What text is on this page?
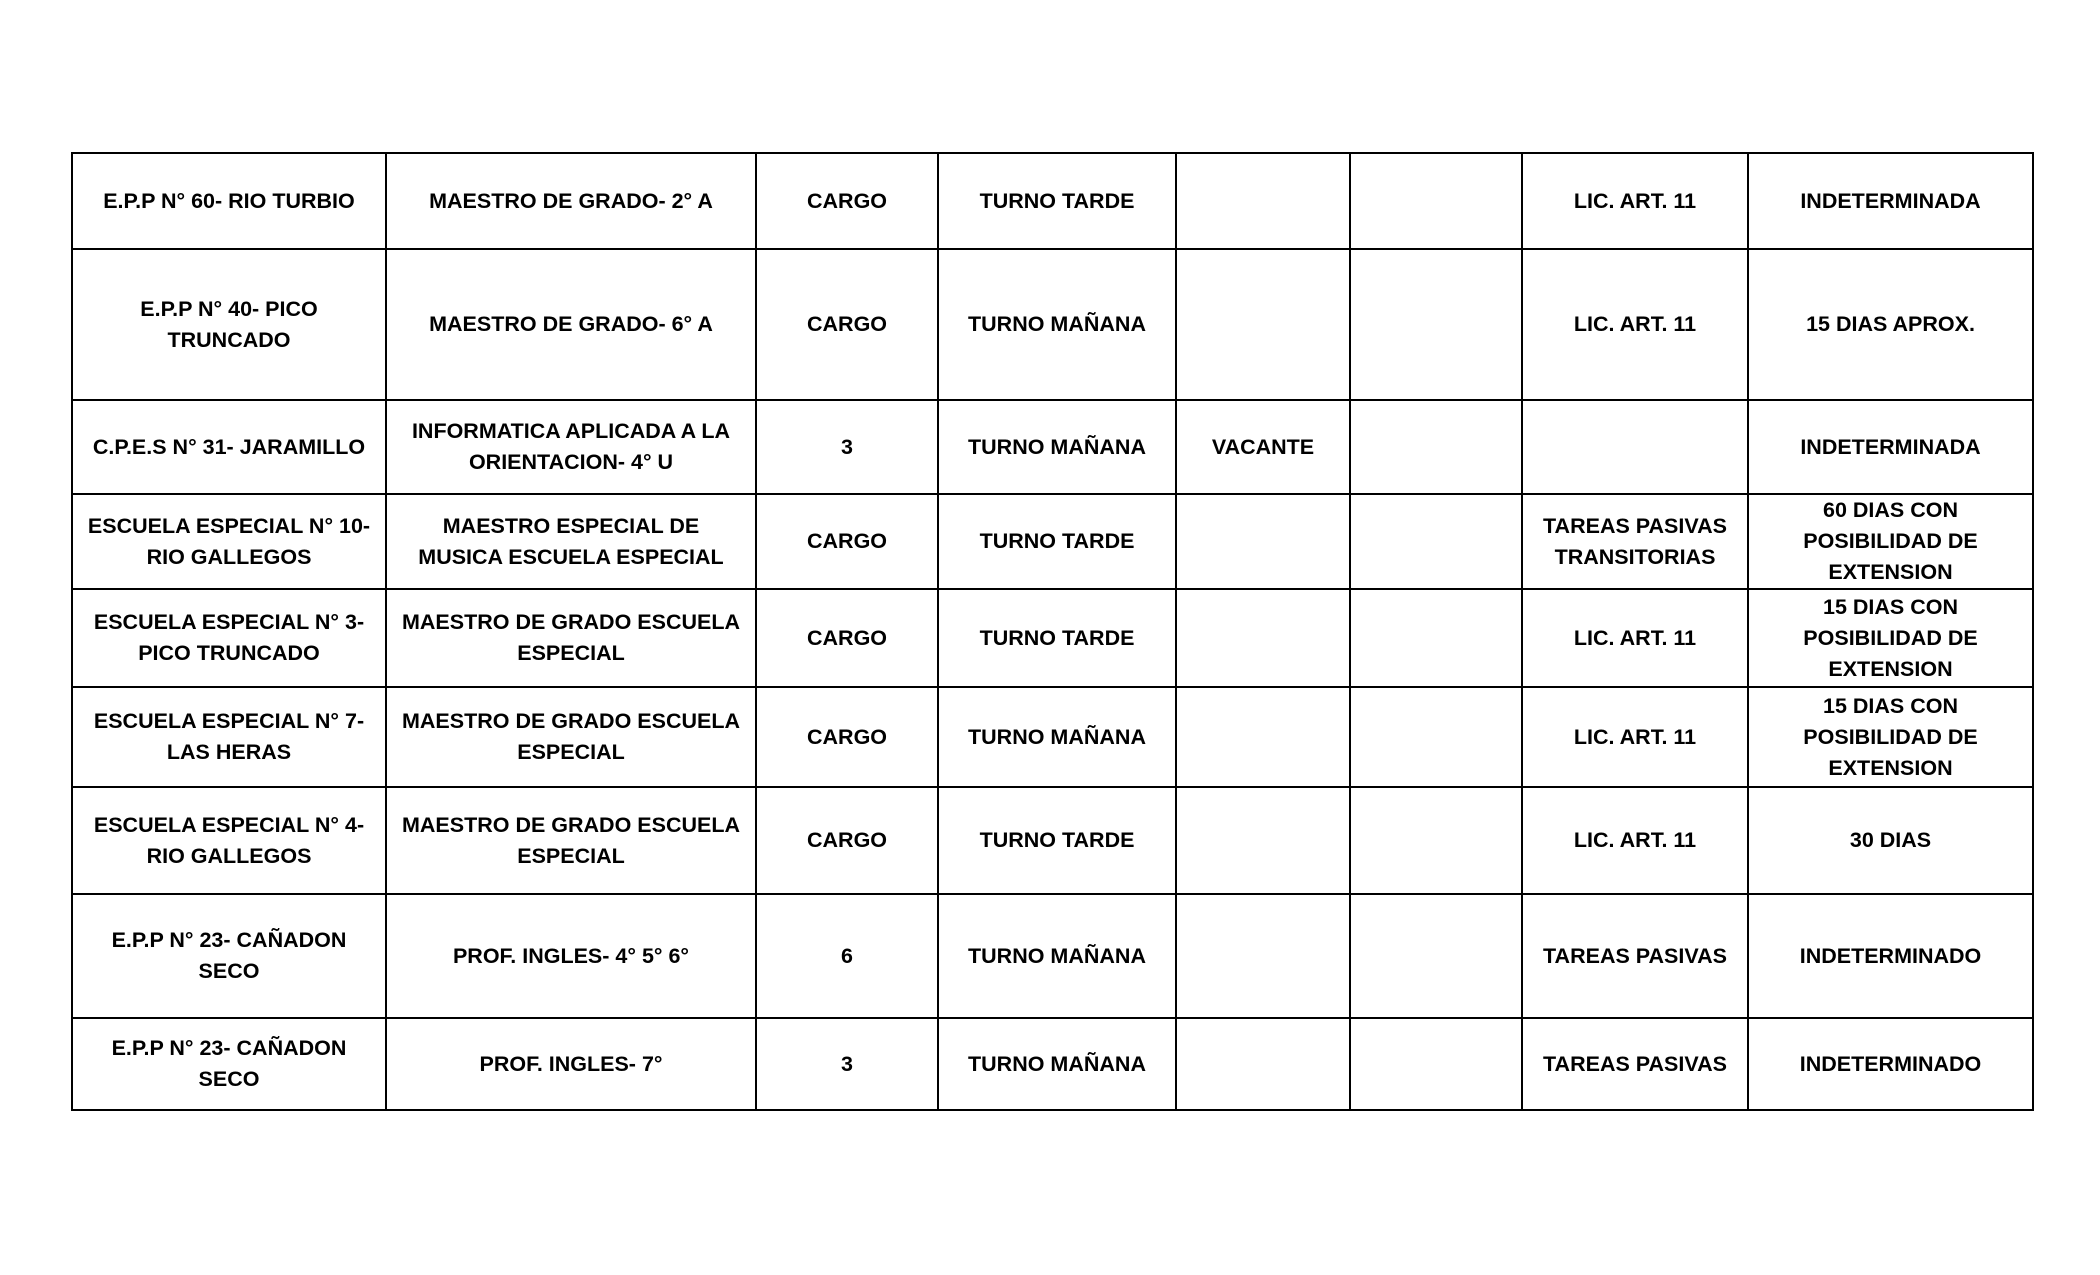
E.P.P N° 60- RIO TURBIO	MAESTRO DE GRADO- 2° A	CARGO	TURNO TARDE			LIC. ART. 11	INDETERMINADA
E.P.P N° 40- PICO TRUNCADO	MAESTRO DE GRADO- 6° A	CARGO	TURNO MAÑANA			LIC. ART. 11	15 DIAS APROX.
C.P.E.S N° 31- JARAMILLO	INFORMATICA APLICADA A LA ORIENTACION- 4° U	3	TURNO MAÑANA	VACANTE			INDETERMINADA
ESCUELA ESPECIAL N° 10- RIO GALLEGOS	MAESTRO ESPECIAL DE MUSICA ESCUELA ESPECIAL	CARGO	TURNO TARDE			TAREAS PASIVAS TRANSITORIAS	60 DIAS CON POSIBILIDAD DE EXTENSION
ESCUELA ESPECIAL N° 3- PICO TRUNCADO	MAESTRO DE GRADO ESCUELA ESPECIAL	CARGO	TURNO TARDE			LIC. ART. 11	15 DIAS CON POSIBILIDAD DE EXTENSION
ESCUELA ESPECIAL N° 7- LAS HERAS	MAESTRO DE GRADO ESCUELA ESPECIAL	CARGO	TURNO MAÑANA			LIC. ART. 11	15 DIAS CON POSIBILIDAD DE EXTENSION
ESCUELA ESPECIAL N° 4- RIO GALLEGOS	MAESTRO DE GRADO ESCUELA ESPECIAL	CARGO	TURNO TARDE			LIC. ART. 11	30 DIAS
E.P.P N° 23- CAÑADON SECO	PROF. INGLES- 4° 5° 6°	6	TURNO MAÑANA			TAREAS PASIVAS	INDETERMINADO
E.P.P N° 23- CAÑADON SECO	PROF. INGLES- 7°	3	TURNO MAÑANA			TAREAS PASIVAS	INDETERMINADO
